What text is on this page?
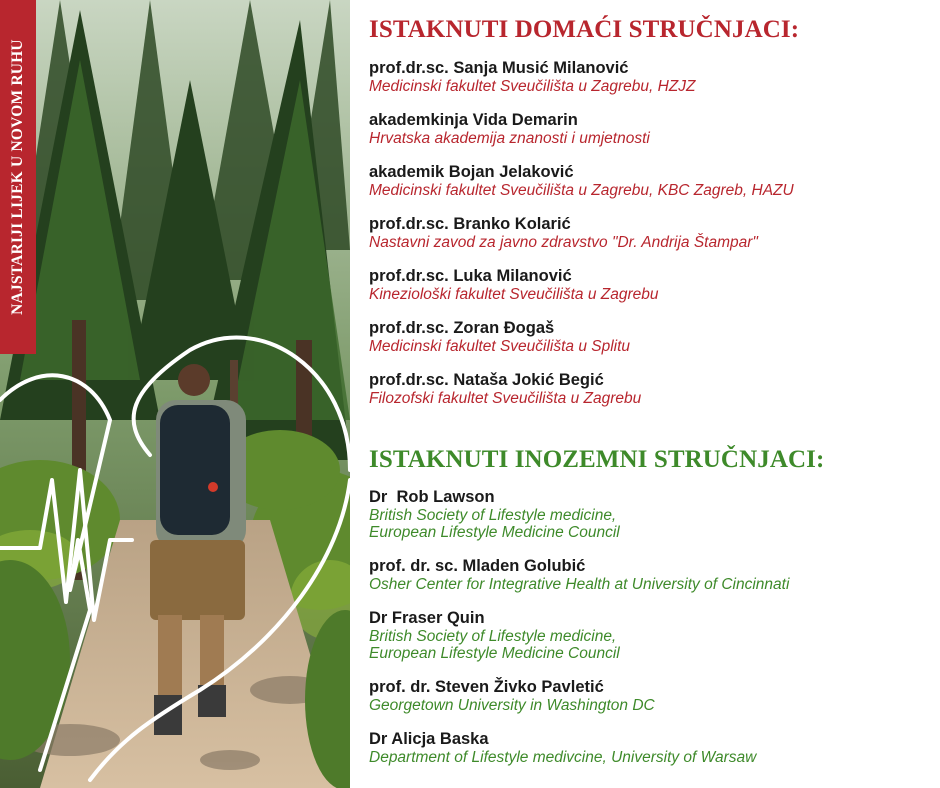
NAJSTARIJI LIJEK U NOVOM RUHU
ISTAKNUTI DOMAĆI STRUČNJACI:
prof.dr.sc. Sanja Musić Milanović
Medicinski fakultet Sveučilišta u Zagrebu, HZJZ
akademkinja Vida Demarin
Hrvatska akademija znanosti i umjetnosti
akademik Bojan Jelaković
Medicinski fakultet Sveučilišta u Zagrebu, KBC Zagreb, HAZU
prof.dr.sc. Branko Kolarić
Nastavni zavod za javno zdravstvo "Dr. Andrija Štampar"
prof.dr.sc. Luka Milanović
Kineziološki fakultet Sveučilišta u Zagrebu
prof.dr.sc. Zoran Đogaš
Medicinski fakultet Sveučilišta u Splitu
prof.dr.sc. Nataša Jokić Begić
Filozofski fakultet Sveučilišta u Zagrebu
ISTAKNUTI INOZEMNI STRUČNJACI:
Dr  Rob Lawson
British Society of Lifestyle medicine,
European Lifestyle Medicine Council
prof. dr. sc. Mladen Golubić
Osher Center for Integrative Health at University of Cincinnati
Dr Fraser Quin
British Society of Lifestyle medicine,
European Lifestyle Medicine Council
prof. dr. Steven Živko Pavletić
Georgetown University in Washington DC
Dr Alicja Baska
Department of Lifestyle medivcine, University of Warsaw
